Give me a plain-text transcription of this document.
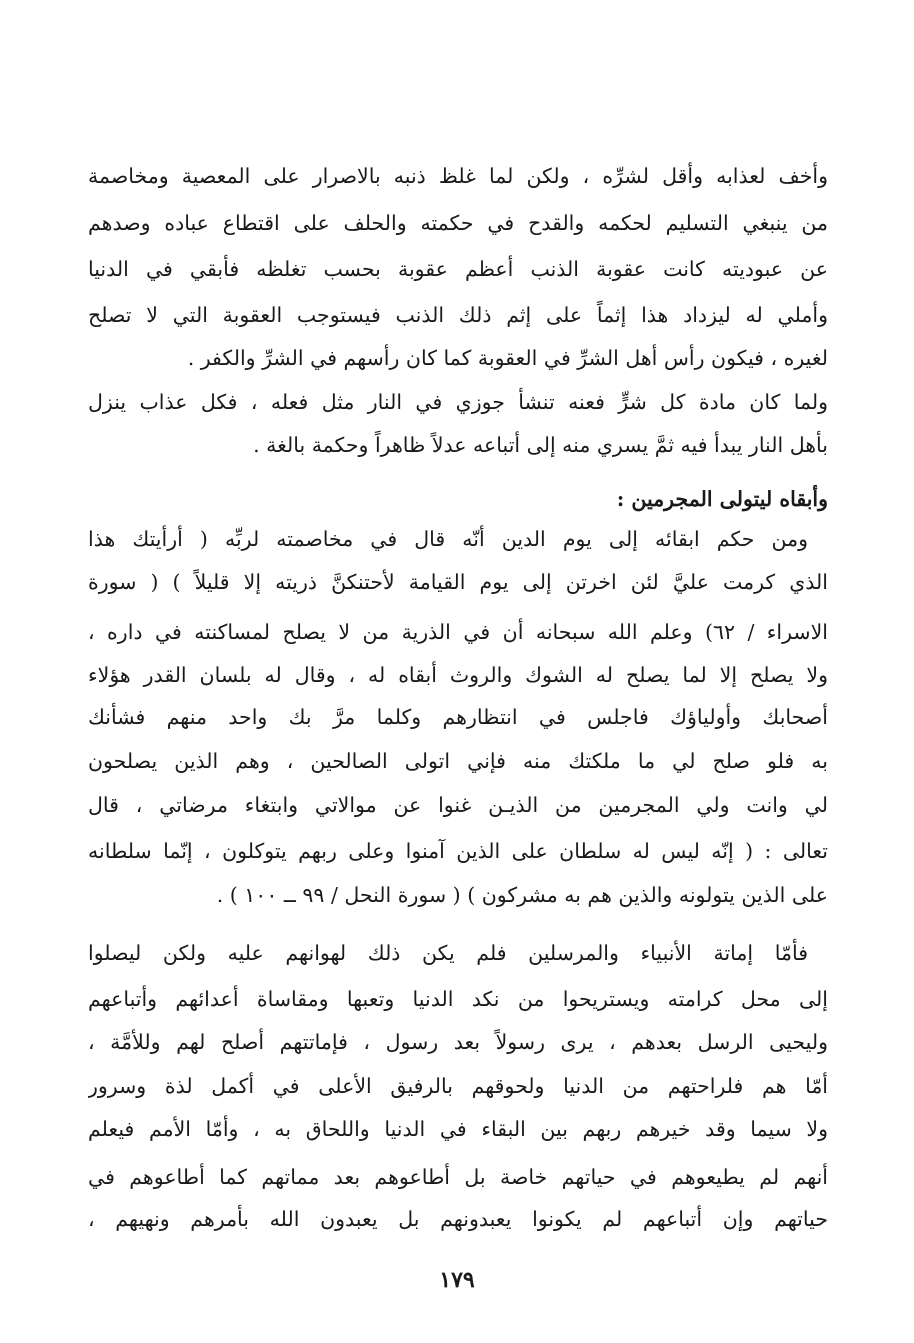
وأخف لعذابه وأقل لشرِّه ، ولكن لما غلظ ذنبه بالاصرار على المعصية ومخاصمة
من ينبغي التسليم لحكمه والقدح في حكمته والحلف على اقتطاع عباده وصدهم
عن عبوديته كانت عقوبة الذنب أعظم عقوبة بحسب تغلظه فأبقي في الدنيا
وأملي له ليزداد هذا إثماً على إثم ذلك الذنب فيستوجب العقوبة التي لا تصلح
لغيره ، فيكون رأس أهل الشرِّ في العقوبة كما كان رأسهم في الشرِّ والكفر .
ولما كان مادة كل شرٍّ فعنه تنشأ جوزي في النار مثل فعله ، فكل عذاب ينزل
بأهل النار يبدأ فيه ثمَّ يسري منه إلى أتباعه عدلاً ظاهراً وحكمة بالغة .
وأبقاه ليتولى المجرمين :
ومن حكم ابقائه إلى يوم الدين أنّه قال في مخاصمته لربِّه ( أرأيتك هذا
الذي كرمت عليَّ لئن اخرتن إلى يوم القيامة لأحتنكنَّ ذريته إلا قليلاً ) ( سورة
الاسراء / ٦٢) وعلم الله سبحانه أن في الذرية من لا يصلح لمساكنته في داره ،
ولا يصلح إلا لما يصلح له الشوك والروث أبقاه له ، وقال له بلسان القدر هؤلاء
أصحابك وأولياؤك فاجلس في انتظارهم وكلما مرَّ بك واحد منهم فشأنك
به فلو صلح لي ما ملكتك منه فإني اتولى الصالحين ، وهم الذين يصلحون
لي وانت ولي المجرمين من الذيـن غنوا عن موالاتي وابتغاء مرضاتي ، قال
تعالى : ( إنّه ليس له سلطان على الذين آمنوا وعلى ربهم يتوكلون ، إنّما سلطانه
على الذين يتولونه والذين هم به مشركون ) ( سورة النحل / ٩٩ ــ ١٠٠ ) .
فأمّا إماتة الأنبياء والمرسلين فلم يكن ذلك لهوانهم عليه ولكن ليصلوا
إلى محل كرامته ويستريحوا من نكد الدنيا وتعبها ومقاساة أعدائهم وأتباعهم
وليحيى الرسل بعدهم ، يرى رسولاً بعد رسول ، فإماتتهم أصلح لهم وللأمَّة ،
أمّا هم فلراحتهم من الدنيا ولحوقهم بالرفيق الأعلى في أكمل لذة وسرور
ولا سيما وقد خيرهم ربهم بين البقاء في الدنيا واللحاق به ، وأمّا الأمم فيعلم
أنهم لم يطيعوهم في حياتهم خاصة بل أطاعوهم بعد مماتهم كما أطاعوهم في
حياتهم وإن أتباعهم لم يكونوا يعبدونهم بل يعبدون الله بأمرهم ونهيهم ،
١٧٩
